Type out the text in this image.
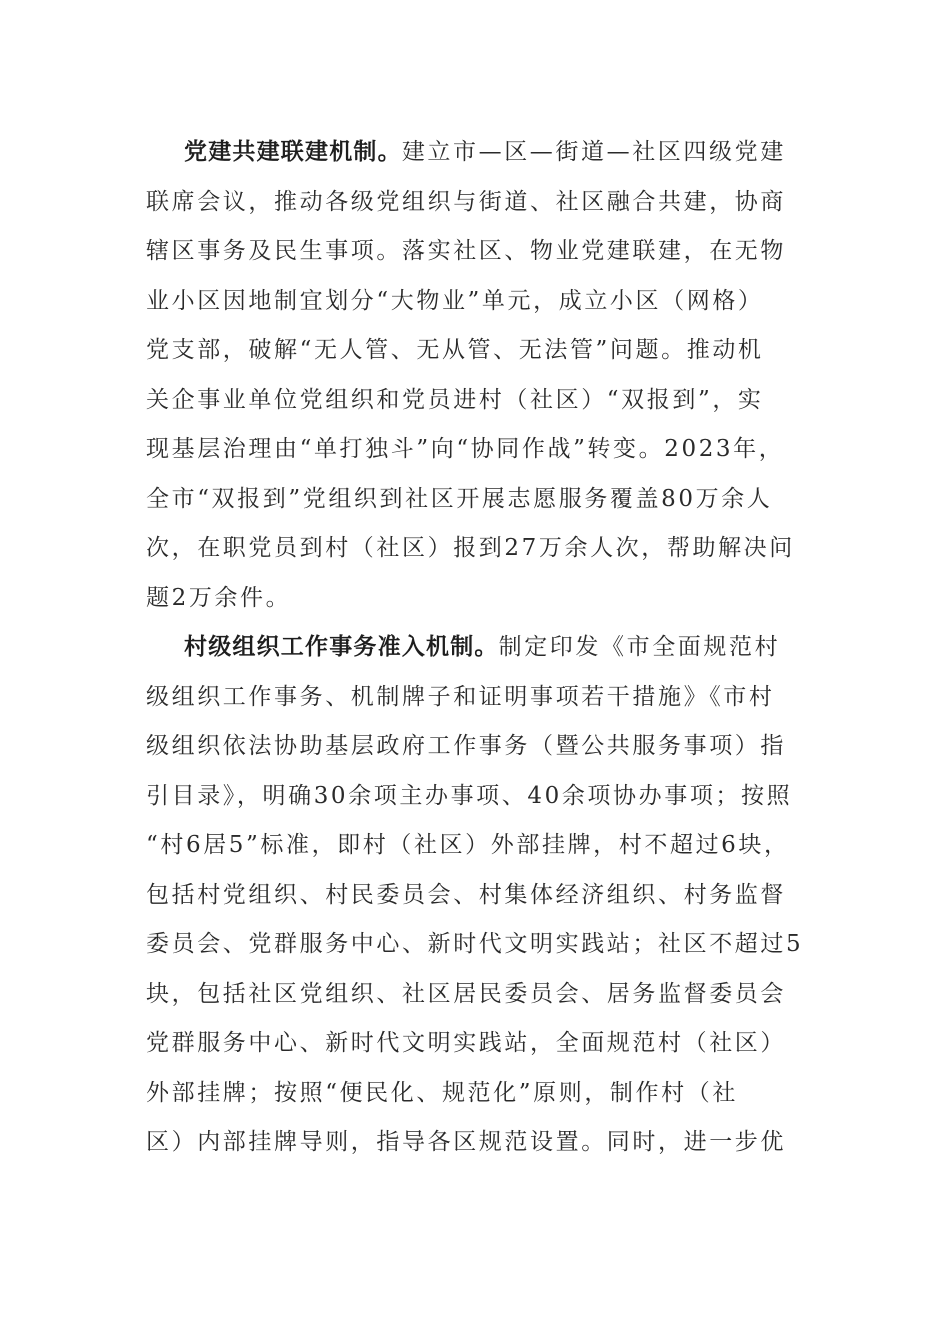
党建共建联建机制。建立市—区—街道—社区四级党建
联席会议，推动各级党组织与街道、社区融合共建，协商
辖区事务及民生事项。落实社区、物业党建联建，在无物
业小区因地制宜划分“大物业”单元，成立小区（网格）
党支部，破解“无人管、无从管、无法管”问题。推动机
关企事业单位党组织和党员进村（社区）“双报到”，实
现基层治理由“单打独斗”向“协同作战”转变。2023年，
全市“双报到”党组织到社区开展志愿服务覆盖80万余人
次，在职党员到村（社区）报到27万余人次，帮助解决问
题2万余件。
村级组织工作事务准入机制。制定印发《市全面规范村
级组织工作事务、机制牌子和证明事项若干措施》《市村
级组织依法协助基层政府工作事务（暨公共服务事项）指
引目录》，明确30余项主办事项、40余项协办事项；按照
“村6居5”标准，即村（社区）外部挂牌，村不超过6块，
包括村党组织、村民委员会、村集体经济组织、村务监督
委员会、党群服务中心、新时代文明实践站；社区不超过5
块，包括社区党组织、社区居民委员会、居务监督委员会
党群服务中心、新时代文明实践站，全面规范村（社区）
外部挂牌；按照“便民化、规范化”原则，制作村（社
区）内部挂牌导则，指导各区规范设置。同时，进一步优
